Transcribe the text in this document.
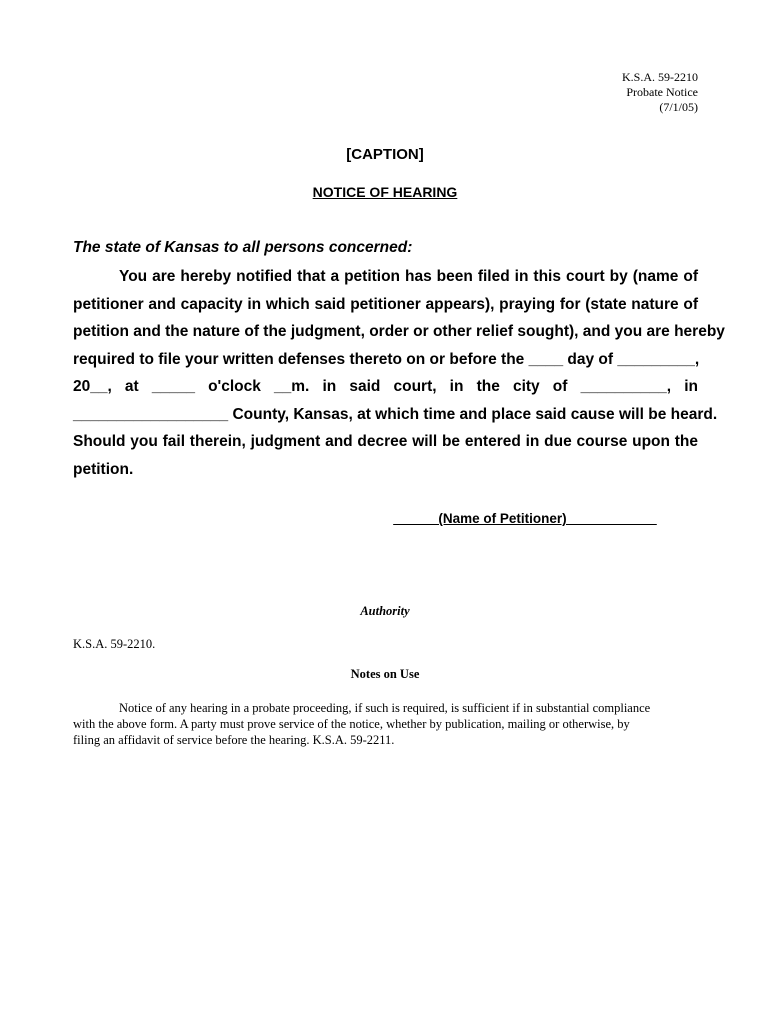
K.S.A. 59-2210
Probate Notice
(7/1/05)
[CAPTION]
NOTICE OF HEARING
The state of Kansas to all persons concerned:
You are hereby notified that a petition has been filed in this court by (name of
petitioner and capacity in which said petitioner appears), praying for (state nature of
petition and the nature of the judgment, order or other relief sought), and you are hereby
required to file your written defenses thereto on or before the ____ day of _________,
20__, at _____ o'clock __m. in said court, in the city of __________, in
__________________ County, Kansas, at which time and place said cause will be heard.
Should you fail therein, judgment and decree will be entered in due course upon the
petition.
______(Name of Petitioner)____________
Authority
K.S.A. 59-2210.
Notes on Use
Notice of any hearing in a probate proceeding, if such is required, is sufficient if in substantial compliance
with the above form. A party must prove service of the notice, whether by publication, mailing or otherwise, by
filing an affidavit of service before the hearing. K.S.A. 59-2211.
